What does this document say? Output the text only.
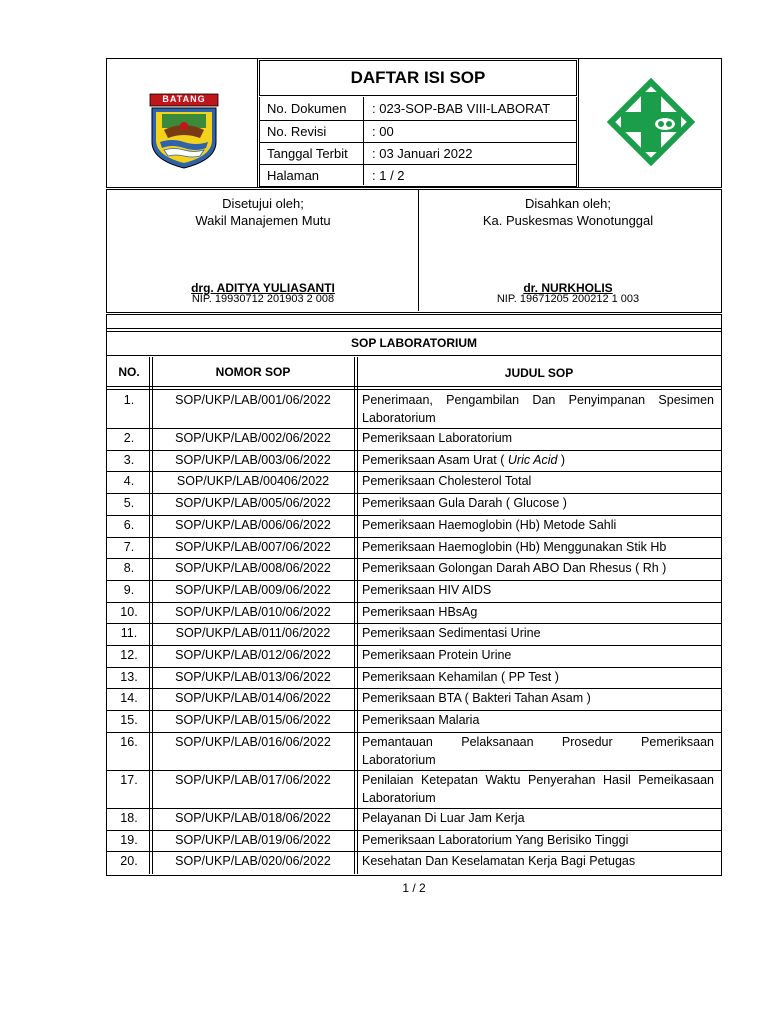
BATANG
DAFTAR ISI SOP
No. Dokumen : 023-SOP-BAB VIII-LABORAT
No. Revisi	: 00
Tanggal Terbit : 03 Januari 2022
Halaman	: 1 / 2
Disetujui oleh;
Wakil Manajemen Mutu
drg. ADITYA YULIASANTI
NIP. 19930712 201903 2 008
Disahkan oleh;
Ka. Puskesmas Wonotunggal
dr. NURKHOLIS
NIP. 19671205 200212 1 003
SOP LABORATORIUM
NO.	NOMOR SOP	JUDUL SOP
1.	SOP/UKP/LAB/001/06/2022	Penerimaan, Pengambilan Dan Penyimpanan Spesimen Laboratorium
2.	SOP/UKP/LAB/002/06/2022	Pemeriksaan Laboratorium
3.	SOP/UKP/LAB/003/06/2022	Pemeriksaan Asam Urat ( Uric Acid )
4.	SOP/UKP/LAB/00406/2022	Pemeriksaan Cholesterol Total
5.	SOP/UKP/LAB/005/06/2022	Pemeriksaan Gula Darah ( Glucose )
6.	SOP/UKP/LAB/006/06/2022	Pemeriksaan Haemoglobin (Hb) Metode Sahli
7.	SOP/UKP/LAB/007/06/2022	Pemeriksaan Haemoglobin (Hb) Menggunakan Stik Hb
8.	SOP/UKP/LAB/008/06/2022	Pemeriksaan Golongan Darah ABO Dan Rhesus ( Rh )
9.	SOP/UKP/LAB/009/06/2022	Pemeriksaan HIV AIDS
10.	SOP/UKP/LAB/010/06/2022	Pemeriksaan HBsAg
11.	SOP/UKP/LAB/011/06/2022	Pemeriksaan Sedimentasi Urine
12.	SOP/UKP/LAB/012/06/2022	Pemeriksaan Protein Urine
13.	SOP/UKP/LAB/013/06/2022	Pemeriksaan Kehamilan ( PP Test )
14.	SOP/UKP/LAB/014/06/2022	Pemeriksaan BTA ( Bakteri Tahan Asam )
15.	SOP/UKP/LAB/015/06/2022	Pemeriksaan Malaria
16.	SOP/UKP/LAB/016/06/2022	Pemantauan Pelaksanaan Prosedur Pemeriksaan Laboratorium
17.	SOP/UKP/LAB/017/06/2022	Penilaian Ketepatan Waktu Penyerahan Hasil Pemeikasaan Laboratorium
18.	SOP/UKP/LAB/018/06/2022	Pelayanan Di Luar Jam Kerja
19.	SOP/UKP/LAB/019/06/2022	Pemeriksaan Laboratorium Yang Berisiko Tinggi
20.	SOP/UKP/LAB/020/06/2022	Kesehatan Dan Keselamatan Kerja Bagi Petugas
1 / 2
